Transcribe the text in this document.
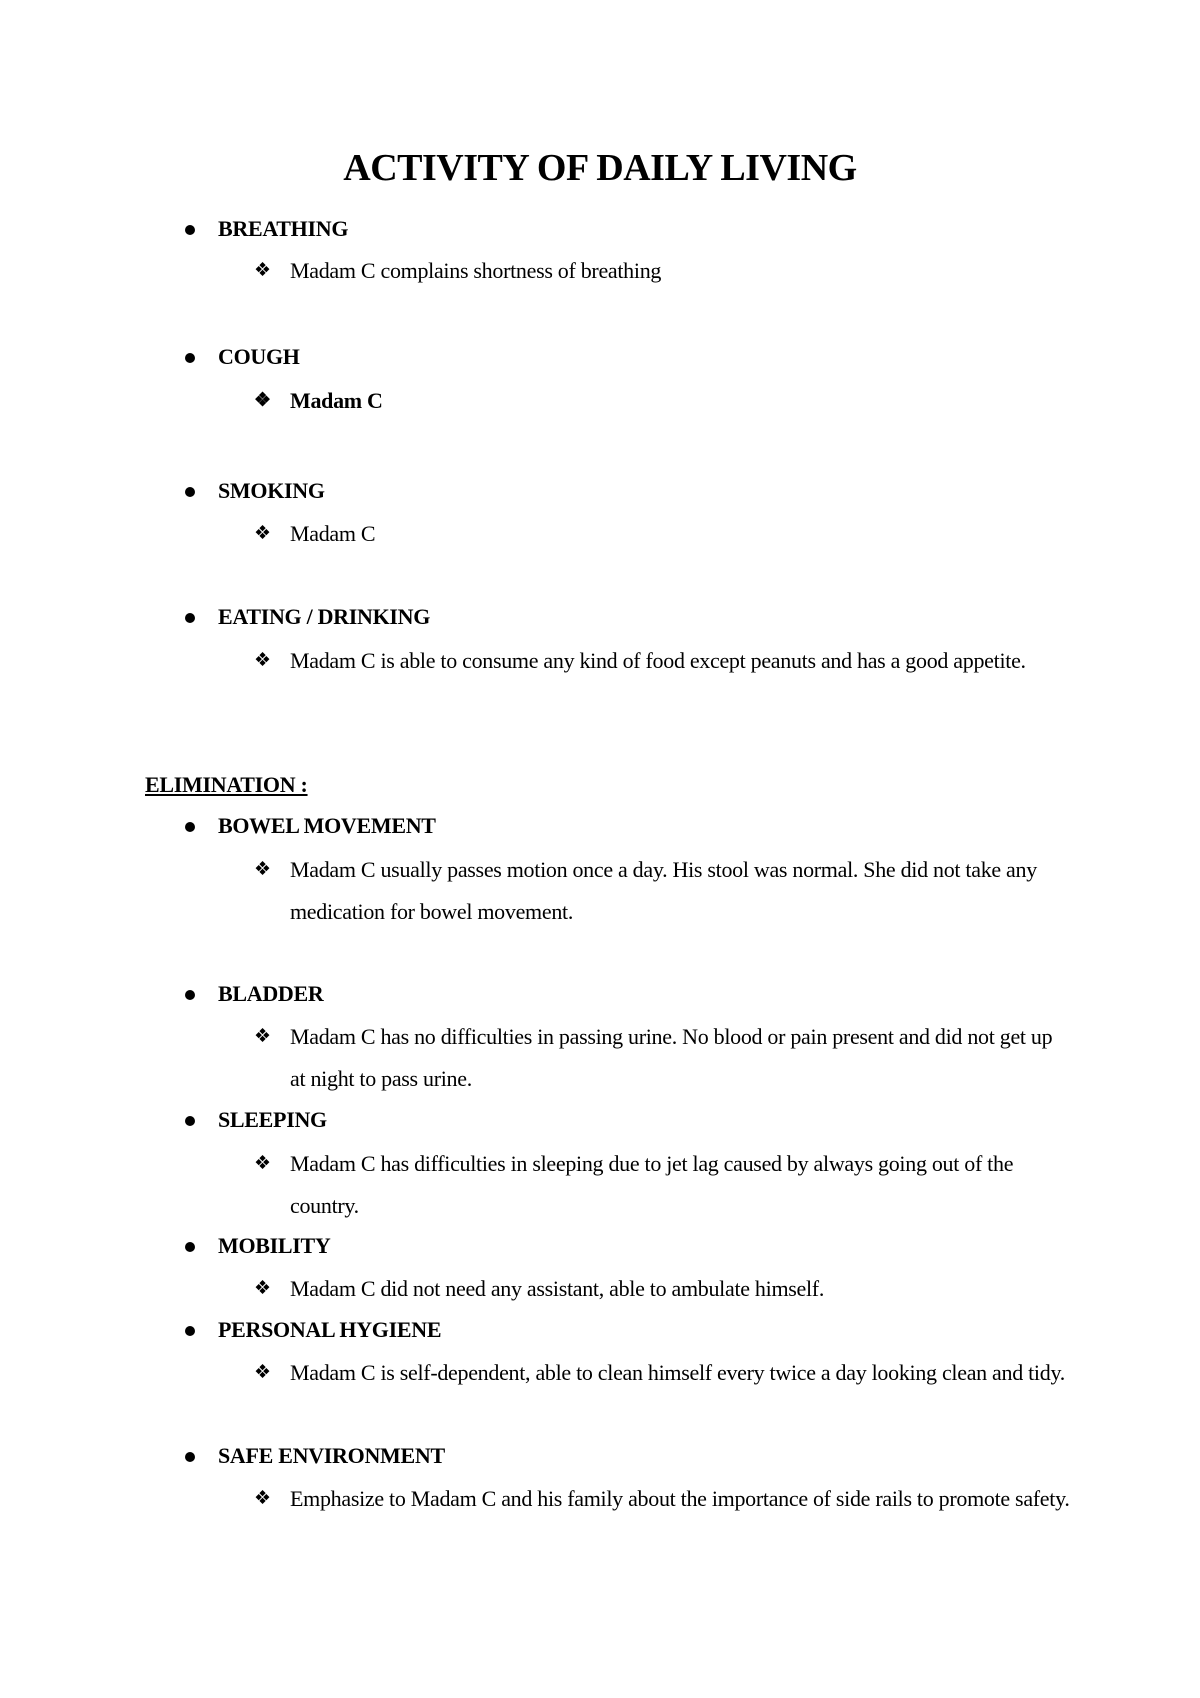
ACTIVITY OF DAILY LIVING
BREATHING
❖ Madam C complains shortness of breathing
COUGH
❖ Madam C
SMOKING
❖ Madam C
EATING / DRINKING
❖ Madam C is able to consume any kind of food except peanuts and has a good appetite.
ELIMINATION :
BOWEL MOVEMENT
❖ Madam C usually passes motion once a day. His stool was normal. She did not take any medication for bowel movement.
BLADDER
❖ Madam C has no difficulties in passing urine. No blood or pain present and did not get up at night to pass urine.
SLEEPING
❖ Madam C has difficulties in sleeping due to jet lag caused by always going out of the country.
MOBILITY
❖ Madam C did not need any assistant, able to ambulate himself.
PERSONAL HYGIENE
❖ Madam C is self-dependent, able to clean himself every twice a day looking clean and tidy.
SAFE ENVIRONMENT
❖ Emphasize to Madam C and his family about the importance of side rails to promote safety.
